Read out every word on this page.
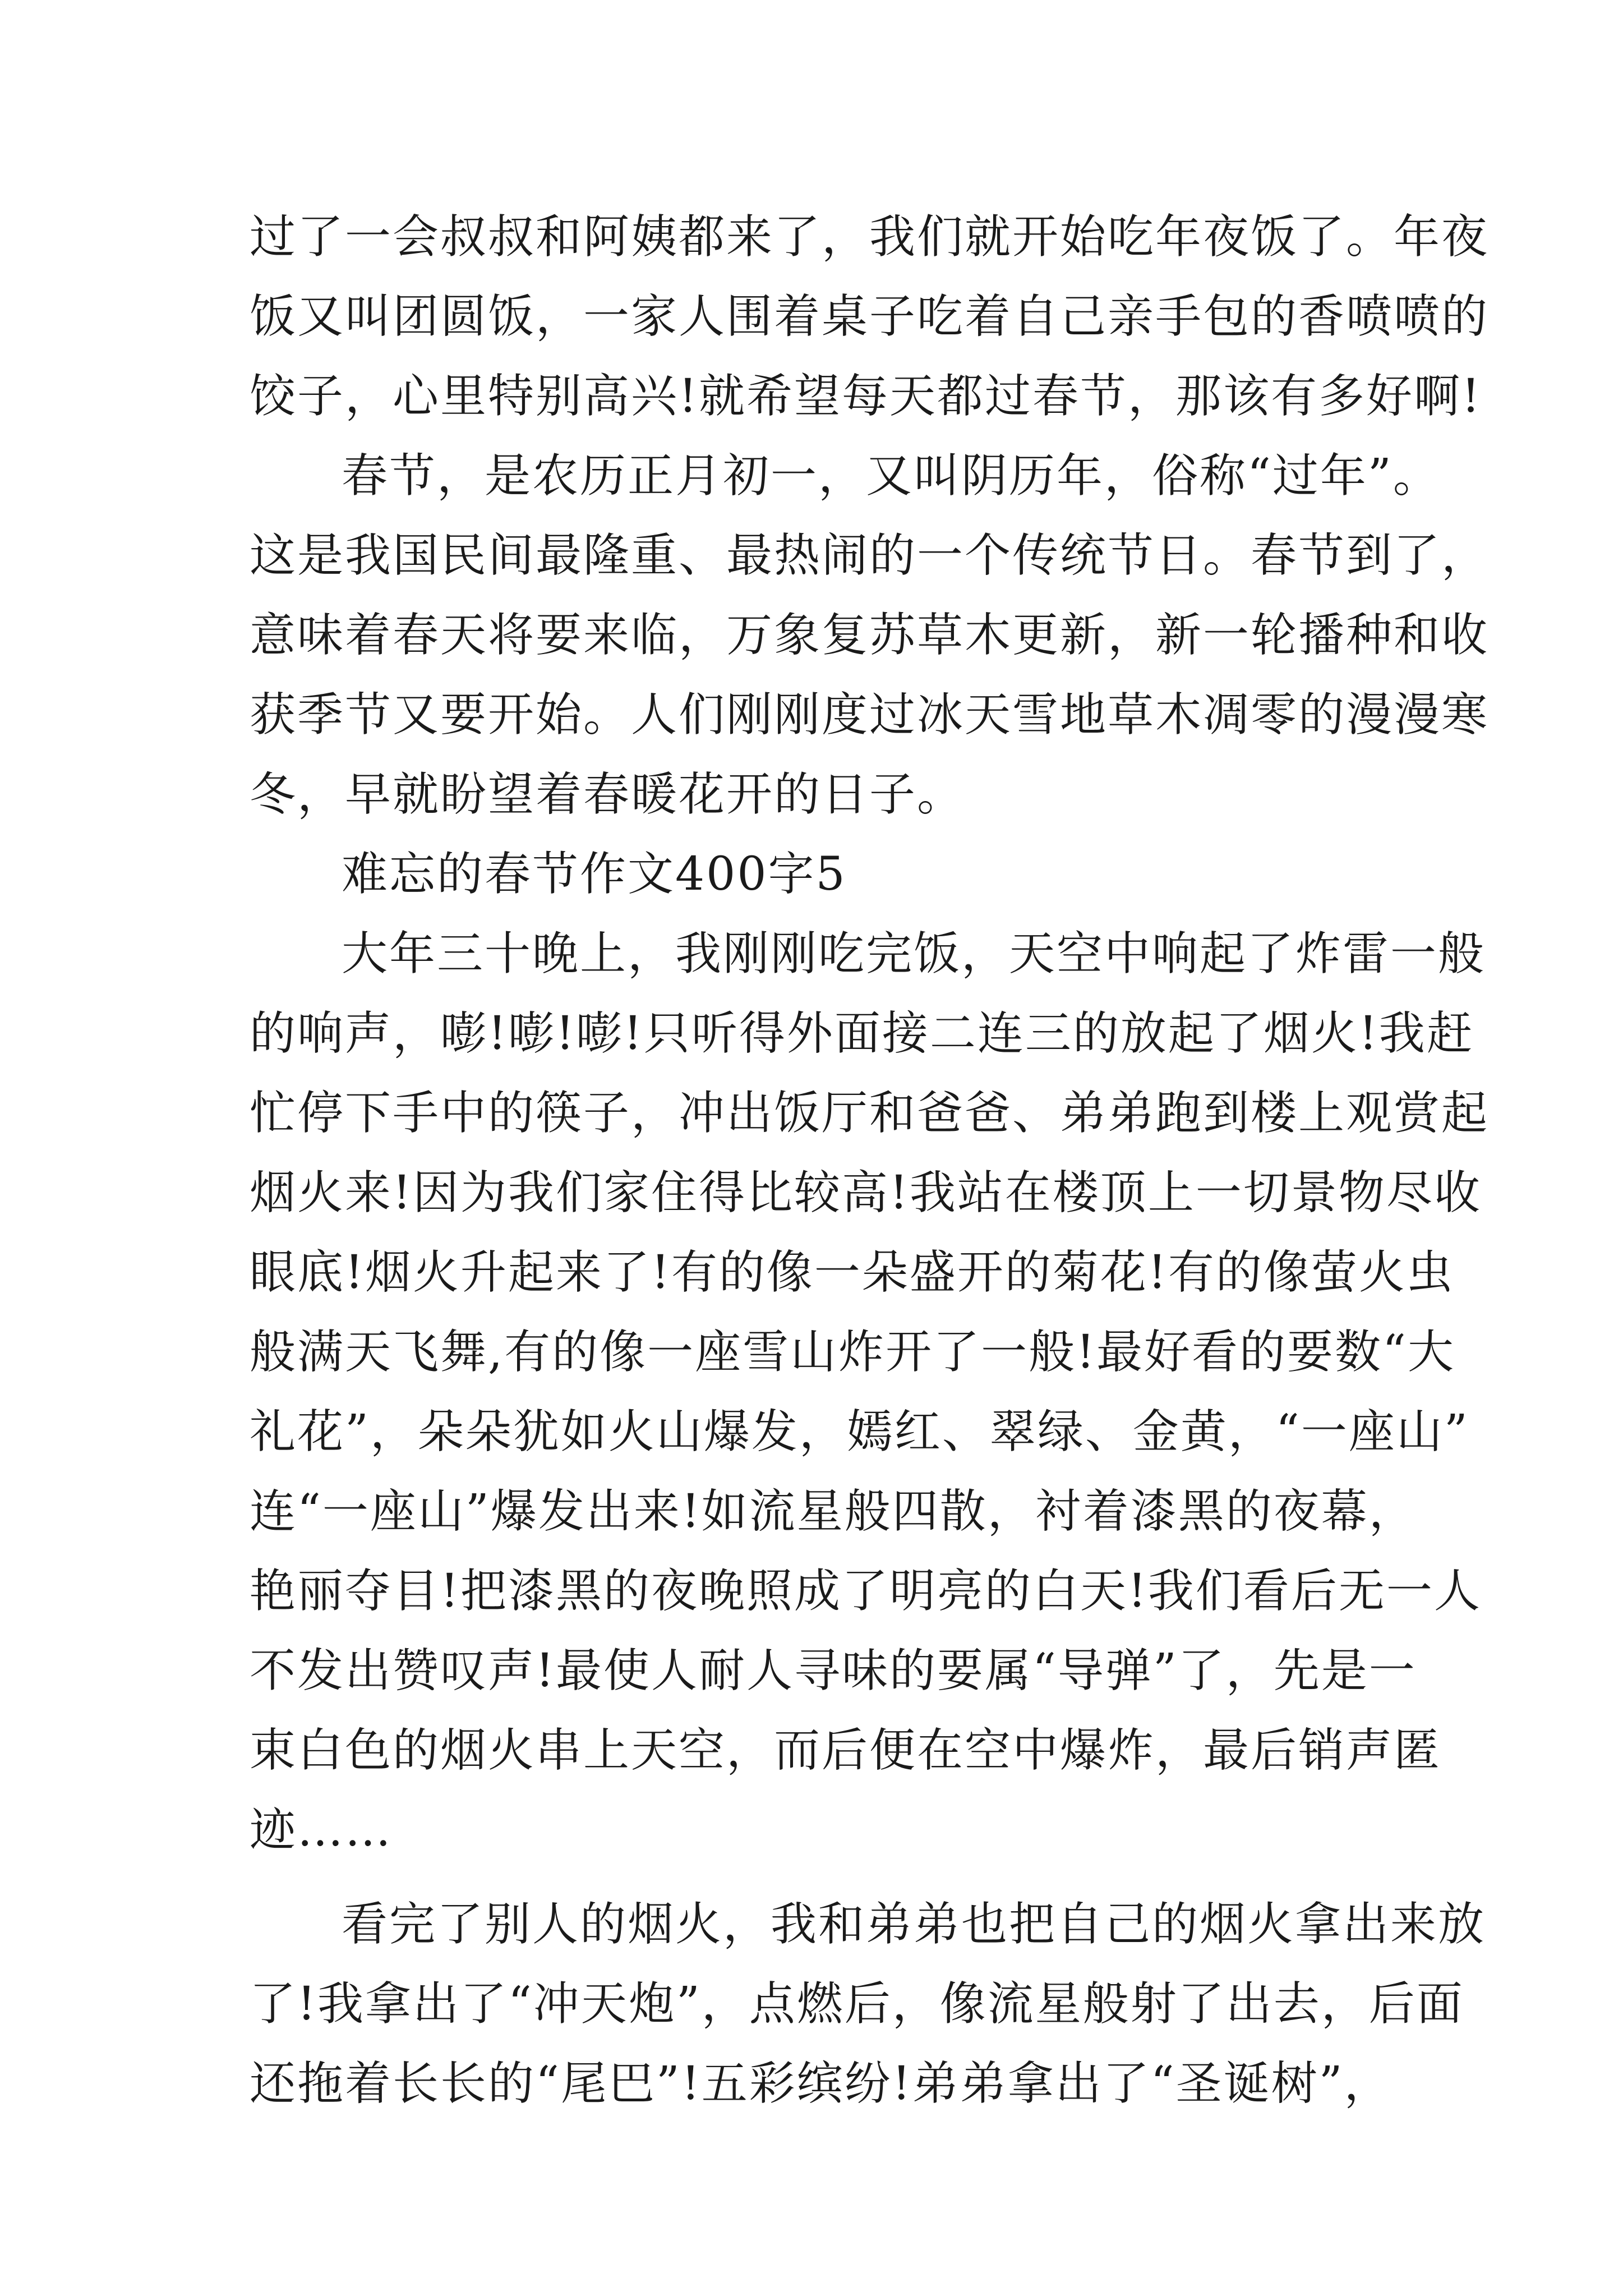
过了一会叔叔和阿姨都来了，我们就开始吃年夜饭了。年夜
饭又叫团圆饭，一家人围着桌子吃着自己亲手包的香喷喷的
饺子，心里特别高兴!就希望每天都过春节，那该有多好啊!
春节，是农历正月初一，又叫阴历年，俗称“过年”。
这是我国民间最隆重、最热闹的一个传统节日。春节到了，
意味着春天将要来临，万象复苏草木更新，新一轮播种和收
获季节又要开始。人们刚刚度过冰天雪地草木凋零的漫漫寒
冬，早就盼望着春暖花开的日子。
难忘的春节作文400字5
大年三十晚上，我刚刚吃完饭，天空中响起了炸雷一般
的响声，嘭!嘭!嘭!只听得外面接二连三的放起了烟火!我赶
忙停下手中的筷子，冲出饭厅和爸爸、弟弟跑到楼上观赏起
烟火来!因为我们家住得比较高!我站在楼顶上一切景物尽收
眼底!烟火升起来了!有的像一朵盛开的菊花!有的像萤火虫
般满天飞舞,有的像一座雪山炸开了一般!最好看的要数“大
礼花”，朵朵犹如火山爆发，嫣红、翠绿、金黄，“一座山”
连“一座山”爆发出来!如流星般四散，衬着漆黑的夜幕，
艳丽夺目!把漆黑的夜晚照成了明亮的白天!我们看后无一人
不发出赞叹声!最使人耐人寻味的要属“导弹”了，先是一
束白色的烟火串上天空，而后便在空中爆炸，最后销声匿
迹……
看完了别人的烟火，我和弟弟也把自己的烟火拿出来放
了!我拿出了“冲天炮”，点燃后，像流星般射了出去，后面
还拖着长长的“尾巴”!五彩缤纷!弟弟拿出了“圣诞树”，
